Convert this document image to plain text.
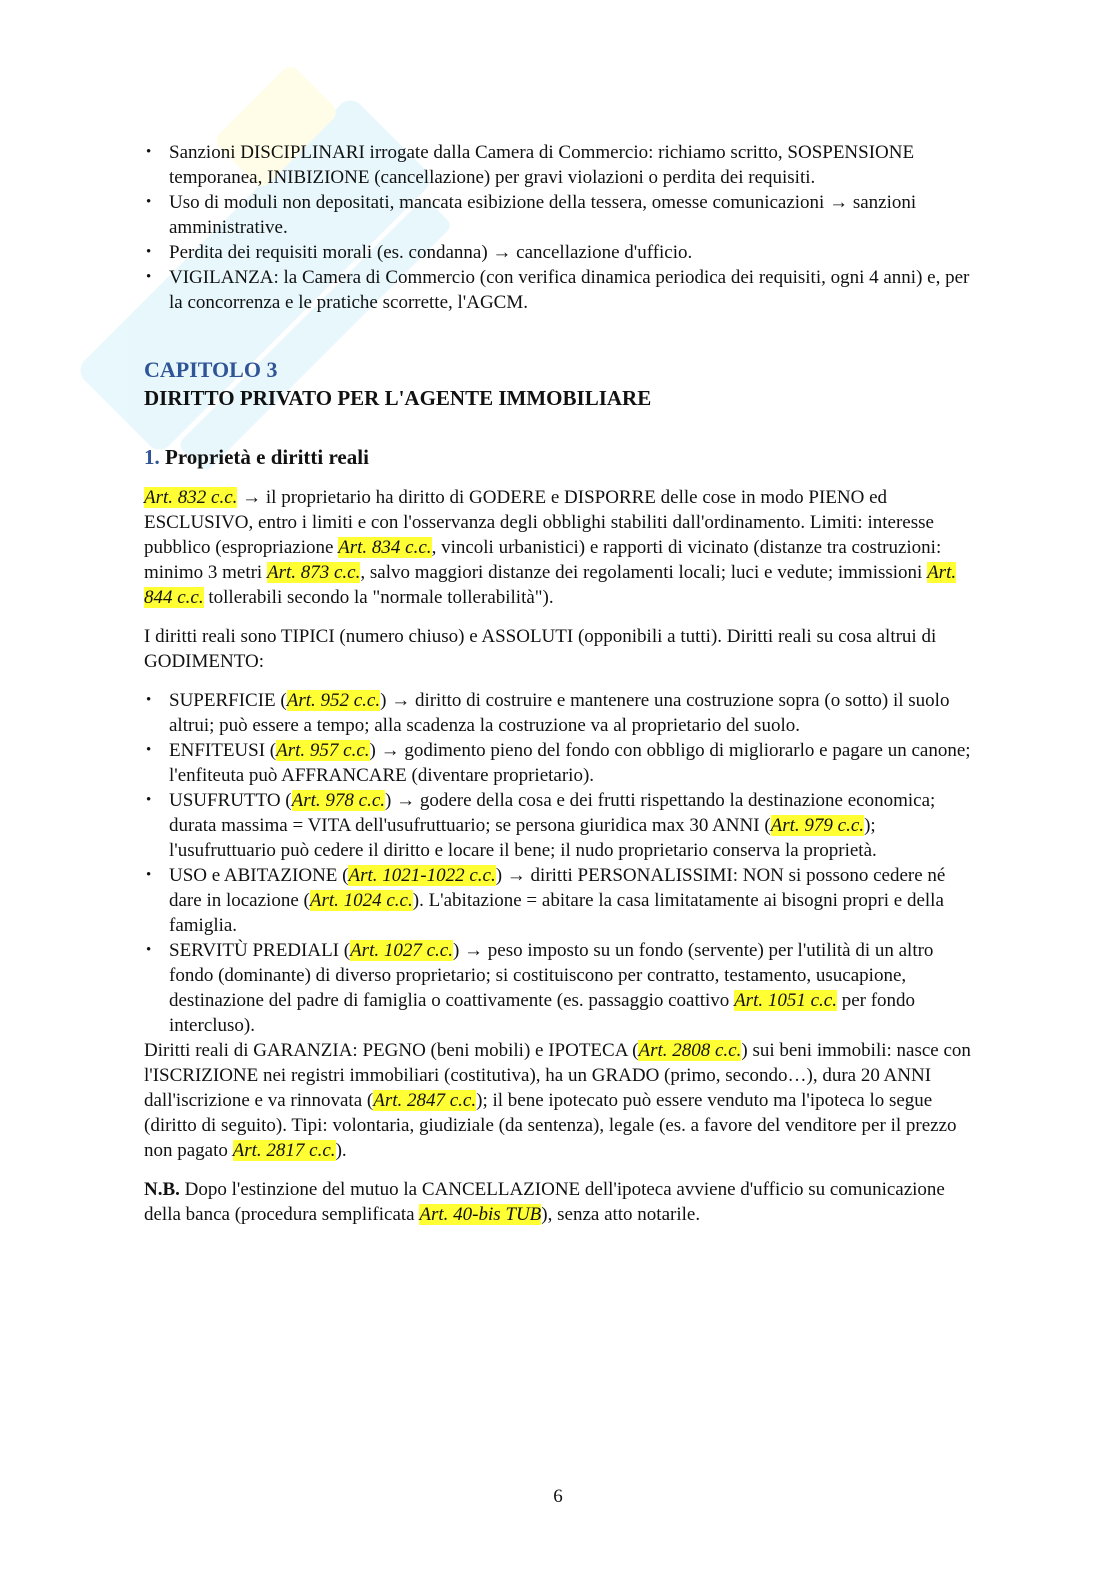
• Sanzioni DISCIPLINARI irrogate dalla Camera di Commercio: richiamo scritto, SOSPENSIONE temporanea, INIBIZIONE (cancellazione) per gravi violazioni o perdita dei requisiti.
• Uso di moduli non depositati, mancata esibizione della tessera, omesse comunicazioni → sanzioni amministrative.
• Perdita dei requisiti morali (es. condanna) → cancellazione d'ufficio.
• VIGILANZA: la Camera di Commercio (con verifica dinamica periodica dei requisiti, ogni 4 anni) e, per la concorrenza e le pratiche scorrette, l'AGCM.
CAPITOLO 3
DIRITTO PRIVATO PER L'AGENTE IMMOBILIARE
1. Proprietà e diritti reali

Art. 832 c.c. → il proprietario ha diritto di GODERE e DISPORRE delle cose in modo PIENO ed ESCLUSIVO, entro i limiti e con l'osservanza degli obblighi stabiliti dall'ordinamento. Limiti: interesse pubblico (espropriazione Art. 834 c.c., vincoli urbanistici) e rapporti di vicinato (distanze tra costruzioni: minimo 3 metri Art. 873 c.c., salvo maggiori distanze dei regolamenti locali; luci e vedute; immissioni Art. 844 c.c. tollerabili secondo la "normale tollerabilità").

I diritti reali sono TIPICI (numero chiuso) e ASSOLUTI (opponibili a tutti). Diritti reali su cosa altrui di GODIMENTO:

• SUPERFICIE (Art. 952 c.c.) → diritto di costruire e mantenere una costruzione sopra (o sotto) il suolo altrui; può essere a tempo; alla scadenza la costruzione va al proprietario del suolo.
• ENFITEUSI (Art. 957 c.c.) → godimento pieno del fondo con obbligo di migliorarlo e pagare un canone; l'enfiteuta può AFFRANCARE (diventare proprietario).
• USUFRUTTO (Art. 978 c.c.) → godere della cosa e dei frutti rispettando la destinazione economica; durata massima = VITA dell'usufruttuario; se persona giuridica max 30 ANNI (Art. 979 c.c.); l'usufruttuario può cedere il diritto e locare il bene; il nudo proprietario conserva la proprietà.
• USO e ABITAZIONE (Art. 1021-1022 c.c.) → diritti PERSONALISSIMI: NON si possono cedere né dare in locazione (Art. 1024 c.c.). L'abitazione = abitare la casa limitatamente ai bisogni propri e della famiglia.
• SERVITÙ PREDIALI (Art. 1027 c.c.) → peso imposto su un fondo (servente) per l'utilità di un altro fondo (dominante) di diverso proprietario; si costituiscono per contratto, testamento, usucapione, destinazione del padre di famiglia o coattivamente (es. passaggio coattivo Art. 1051 c.c. per fondo intercluso).

Diritti reali di GARANZIA: PEGNO (beni mobili) e IPOTECA (Art. 2808 c.c.) sui beni immobili: nasce con l'ISCRIZIONE nei registri immobiliari (costitutiva), ha un GRADO (primo, secondo…), dura 20 ANNI dall'iscrizione e va rinnovata (Art. 2847 c.c.); il bene ipotecato può essere venduto ma l'ipoteca lo segue (diritto di seguito). Tipi: volontaria, giudiziale (da sentenza), legale (es. a favore del venditore per il prezzo non pagato Art. 2817 c.c.).

N.B. Dopo l'estinzione del mutuo la CANCELLAZIONE dell'ipoteca avviene d'ufficio su comunicazione della banca (procedura semplificata Art. 40-bis TUB), senza atto notarile.

6
